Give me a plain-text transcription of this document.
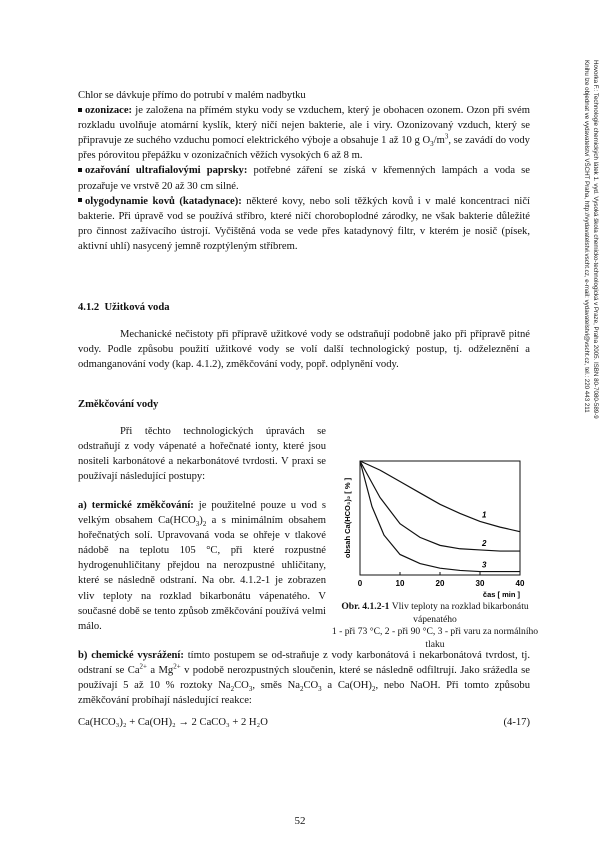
Hovorka F.: Technologie chemických látek 1. vyd. Vysoká škola chemicko-technologická v Praze, Praha 2005. ISBN 80-7080-589-9
Knihu lze objednat ve vydavatelství VŠCHT Praha, http://vydavatelstvi.vscht.cz, e-mail: vydavatelstvi@vscht.cz, tel.: 220 443 211

Chlor se dávkuje přímo do potrubí v malém nadbytku

ozonizace: je založena na přímém styku vody se vzduchem, který je obohacen ozonem. Ozon při svém rozkladu uvolňuje atomární kyslík, který ničí nejen bakterie, ale i viry. Ozonizovaný vzduch, který se připravuje ze suchého vzduchu pomocí elektrického výboje a obsahuje 1 až 10 g $O_3/m^3$, se zavádí do vody přes pórovitou přepážku v ozonizačních věžích vysokých 6 až 8 m.

ozařování ultrafialovými paprsky: potřebné záření se získá v křemenných lampách a voda se prozařuje ve vrstvě 20 až 30 cm silné.

olygodynamie kovů (katadynace): některé kovy, nebo soli těžkých kovů i v malé koncentraci ničí bakterie. Při úpravě vod se používá stříbro, které ničí choroboplodné zárodky, ne však bakterie důležité pro činnost zažívacího ústrojí. Vyčištěná voda se vede přes katadynový filtr, v kterém je nosič (písek, aktivní uhlí) nasycený jemně rozptýleným stříbrem.

4.1.2 Užitková voda
Mechanické nečistoty při přípravě užitkové vody se odstraňují podobně jako při přípravě pitné vody. Podle způsobu použití užitkové vody se volí další technologický postup, tj. odželeznění a odmanganování vody (kap. 4.1.2), změkčování vody, popř. odplynění vody.
Změkčování vody
Při těchto technologických úpravách se odstraňují z vody vápenaté a hořečnaté ionty, které jsou nositeli karbonátové a nekarbonátové tvrdosti. V praxi se používají následující postupy:
a) termické změkčování: je použitelné pouze u vod s velkým obsahem $Ca(HCO_3)_2$ a s minimálním obsahem hořečnatých solí. Upravovaná voda se ohřeje v tlakové nádobě na teplotu 105 °C, při které rozpustné hydrogenuhličitany přejdou na nerozpustné uhličitany, které se následně odstraní. Na obr. 4.1.2-1 je zobrazen vliv teploty na rozklad bikarbonátu vápenatého. V současné době se tento způsob změkčování používá velmi málo.
0	10	20	30	40
obsah Ca(HCO₃)₂ [ % ]
čas [ min ]
1
2
3
Obr. 4.1.2-1 Vliv teploty na rozklad bikarbonátu vápenatého
1 - při 73 °C, 2 - při 90 °C, 3 - při varu za normálního tlaku
b) chemické vysrážení: tímto postupem se od-straňuje z vody karbonátová i nekarbonátová tvrdost, tj. odstraní se $Ca^{2+}$ a $Mg^{2+}$ v podobě nerozpustných sloučenin, které se následně odfiltrují. Jako srážedla se používají 5 až 10 % roztoky $Na_2CO_3$, směs $Na_2CO_3$ a $Ca(OH)_2$, nebo NaOH. Při tomto způsobu změkčování probíhají následující reakce:
Ca(HCO₃)₂ + Ca(OH)₂ → 2 CaCO₃ + 2 H₂O	(4-17)
52
